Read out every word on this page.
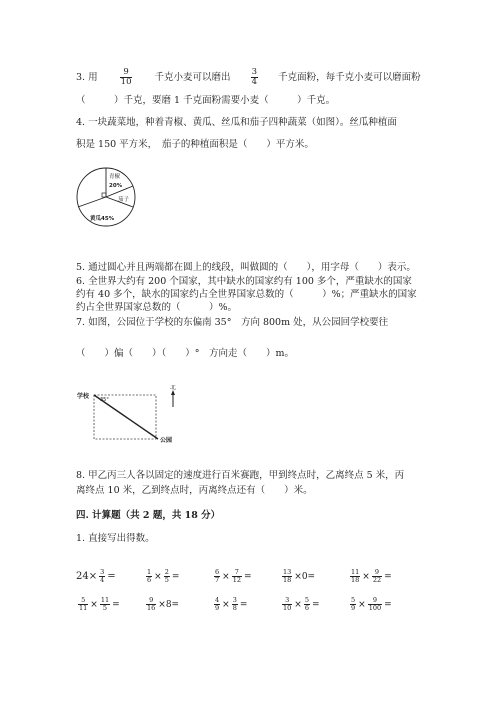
3. 用	$\frac{9}{10}$ 千克小麦可以磨出 $\frac{3}{4}$ 千克面粉，每千克小麦可以磨面粉
（　　　）千克，要磨 1 千克面粉需要小麦（　　　）千克。
4. 一块蔬菜地，种着青椒、黄瓜、丝瓜和茄子四种蔬菜（如图）。丝瓜种植面
积是 150 平方米，　茄子的种植面积是（　　）平方米。
青椒
20%
茄子
黄瓜45%
5. 通过圆心并且两端都在圆上的线段，叫做圆的（　　），用字母（　　）表示。
6. 全世界大约有 200 个国家，其中缺水的国家约有 100 多个，严重缺水的国家
约有 40 多个，缺水的国家约占全世界国家总数的（　　　）%；严重缺水的国家
约占全世界国家总数的（　　　）%。
7. 如图，公园位于学校的东偏南 35°　方向 800m 处，从公园回学校要往
（　　）偏（　　）（　　）°　方向走（　　）m。
学校 35°
公园
北
8. 甲乙丙三人各以固定的速度进行百米赛跑，甲到终点时，乙离终点 5 米，丙
离终点 10 米，乙到终点时，丙离终点还有（　　）米。
四. 计算题（共 2 题，共 18 分）
1. 直接写出得数。
$24\times \frac{3}{4}$ =	$\frac{1}{6} \times \frac{2}{5}$ =	$\frac{6}{7} \times \frac{7}{12}$ =	$\frac{13}{18} \times 0=$	$\frac{11}{18} \times \frac{9}{22}$ =
$\frac{5}{11} \times \frac{11}{5}$ =	$\frac{9}{16} \times 8=$	$\frac{4}{9} \times \frac{3}{8}$ =	$\frac{3}{10} \times \frac{5}{6}$ =	$\frac{5}{9} \times \frac{9}{100}$ =
